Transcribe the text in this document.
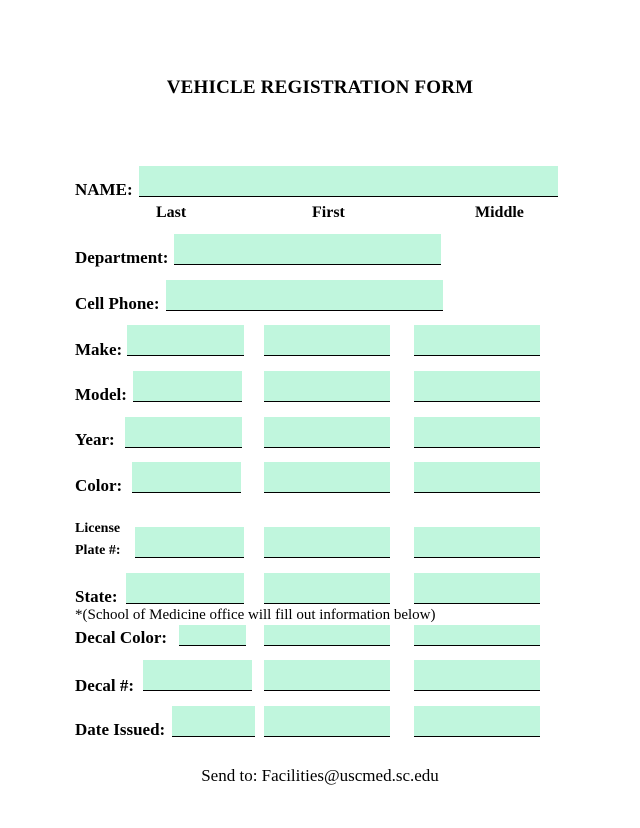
VEHICLE REGISTRATION FORM
NAME:
Last	First	Middle
Department:
Cell Phone:
Make:
Model:
Year:
Color:
License
Plate #:
State:
*(School of Medicine office will fill out information below)
Decal Color:
Decal #:
Date Issued:
Send to: Facilities@uscmed.sc.edu
